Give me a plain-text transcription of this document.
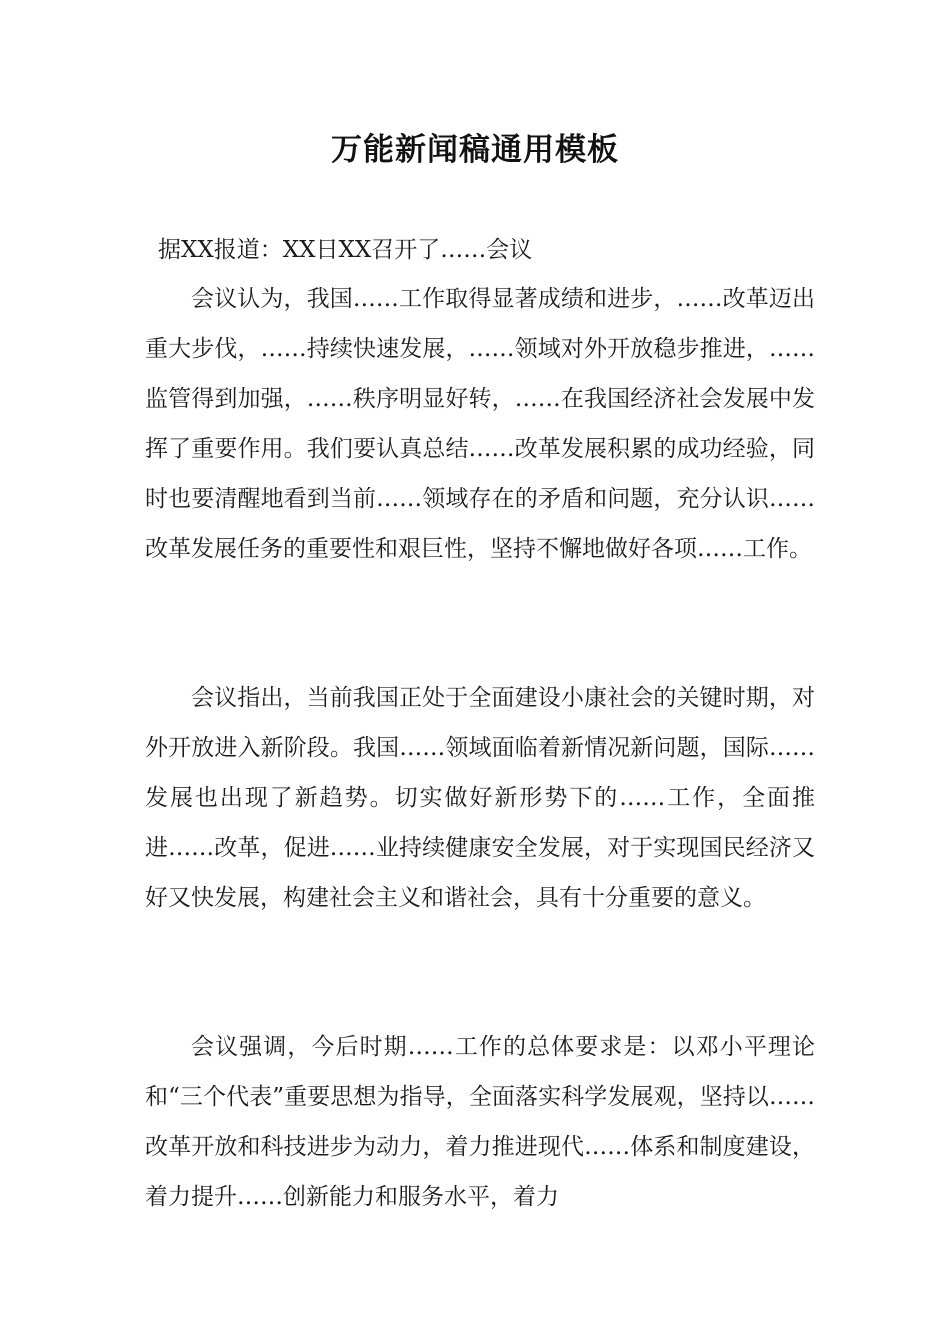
万能新闻稿通用模板
据XX报道：XX日XX召开了……会议
会议认为，我国……工作取得显著成绩和进步，……改革迈出重大步伐，……持续快速发展，……领域对外开放稳步推进，……监管得到加强，……秩序明显好转，……在我国经济社会发展中发挥了重要作用。我们要认真总结……改革发展积累的成功经验，同时也要清醒地看到当前……领域存在的矛盾和问题，充分认识……改革发展任务的重要性和艰巨性，坚持不懈地做好各项……工作。
会议指出，当前我国正处于全面建设小康社会的关键时期，对外开放进入新阶段。我国……领域面临着新情况新问题，国际……发展也出现了新趋势。切实做好新形势下的……工作，全面推进……改革，促进……业持续健康安全发展，对于实现国民经济又好又快发展，构建社会主义和谐社会，具有十分重要的意义。
会议强调，今后时期……工作的总体要求是：以邓小平理论和“三个代表”重要思想为指导，全面落实科学发展观，坚持以……改革开放和科技进步为动力，着力推进现代……体系和制度建设，着力提升……创新能力和服务水平，着力
